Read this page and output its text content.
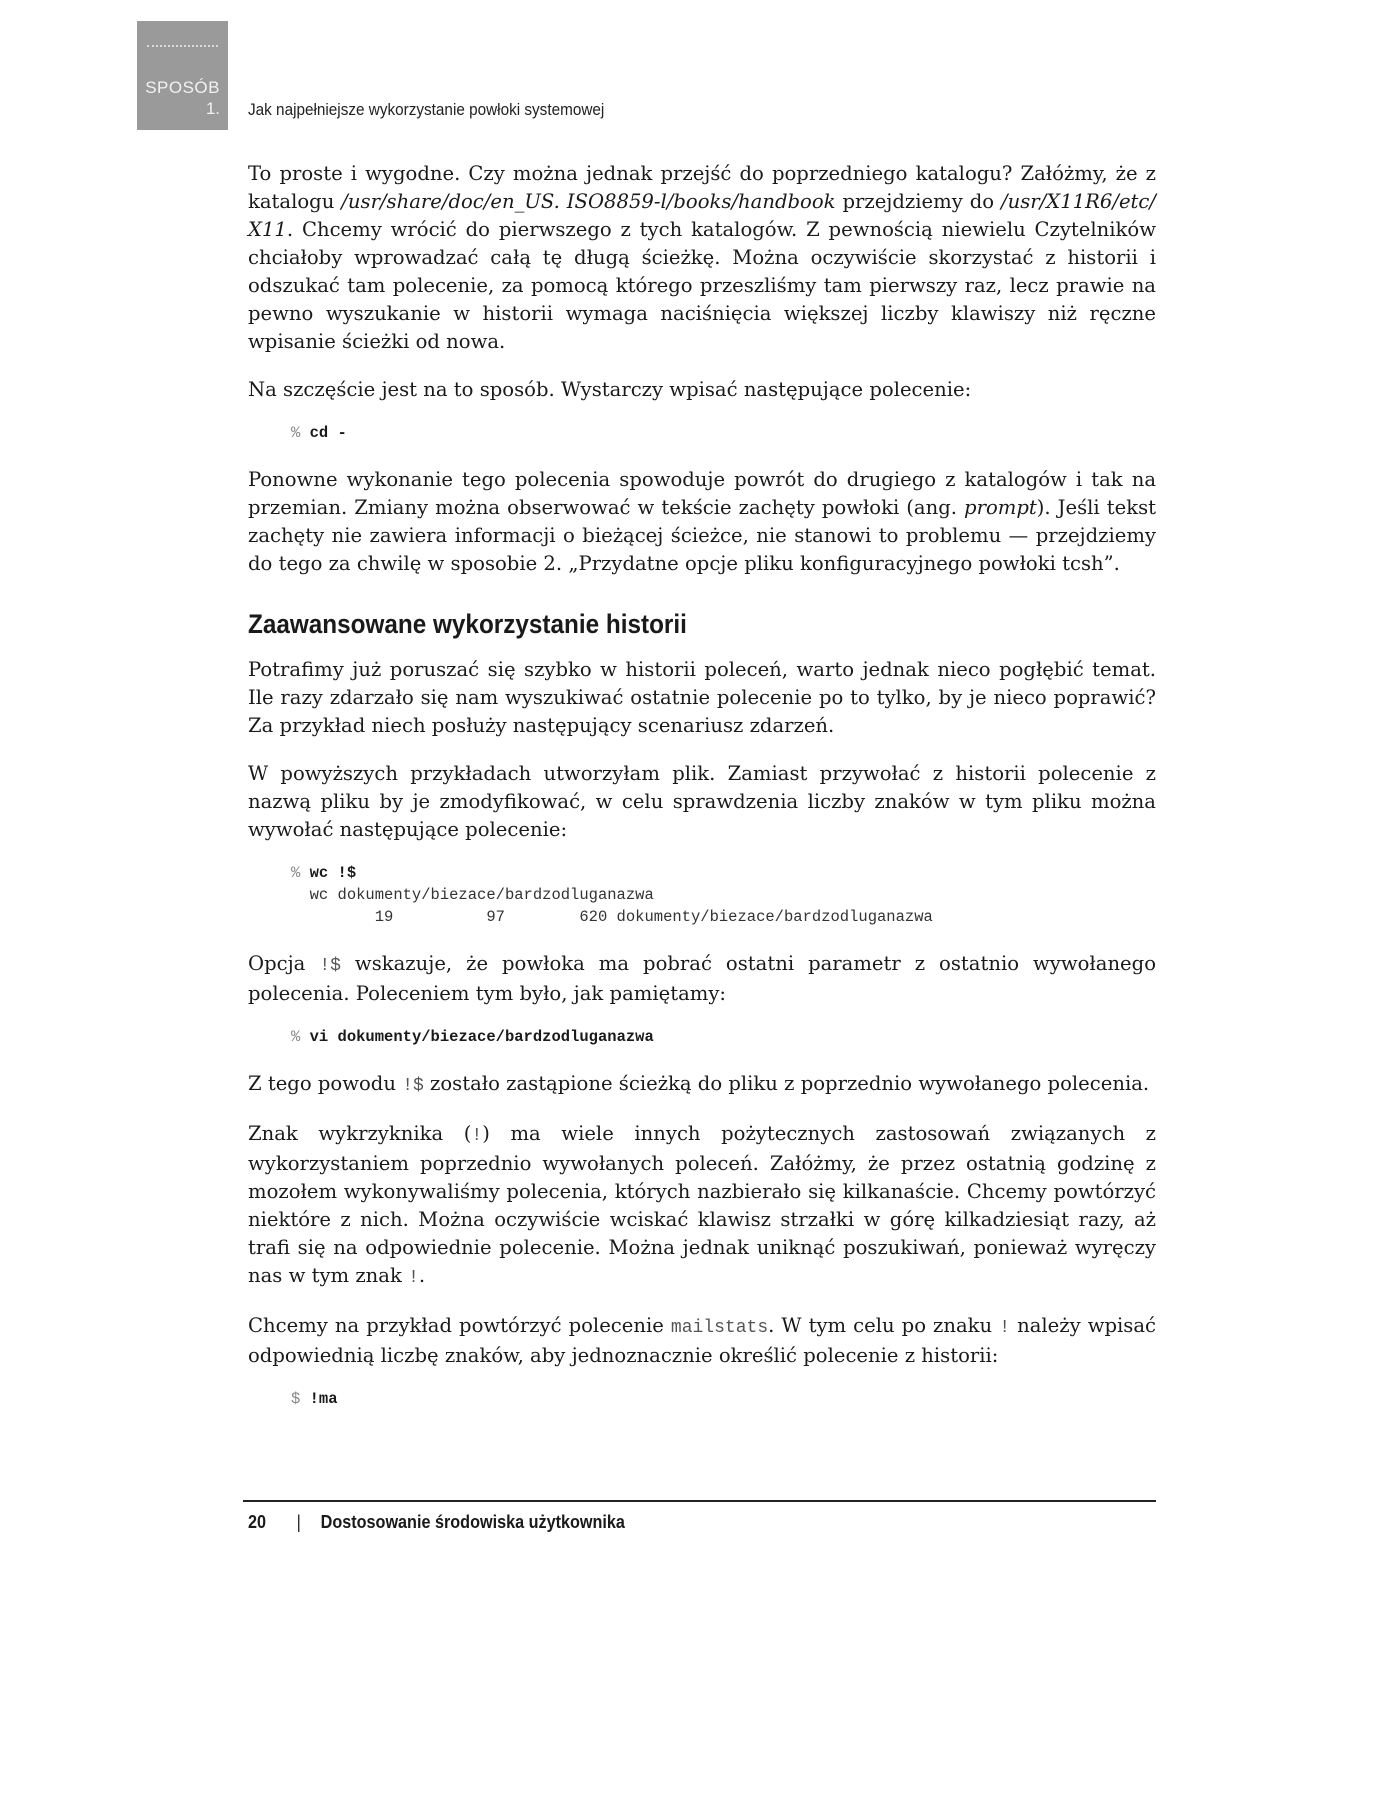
SPOSÓB
1. Jak najpełniejsze wykorzystanie powłoki systemowej

To proste i wygodne. Czy można jednak przejść do poprzedniego katalogu? Załóżmy, że z katalogu /usr/share/doc/en_US. ISO8859-l/books/handbook przejdziemy do /usr/X11R6/etc/ X11. Chcemy wrócić do pierwszego z tych katalogów. Z pewnością niewielu Czytelników chciałoby wprowadzać całą tę długą ścieżkę. Można oczywiście skorzystać z historii i odszukać tam polecenie, za pomocą którego przeszliśmy tam pierwszy raz, lecz prawie na pewno wyszukanie w historii wymaga naciśnięcia większej liczby klawiszy niż ręczne wpisanie ścieżki od nowa.

Na szczęście jest na to sposób. Wystarczy wpisać następujące polecenie:

% cd -

Ponowne wykonanie tego polecenia spowoduje powrót do drugiego z katalogów i tak na przemian. Zmiany można obserwować w tekście zachęty powłoki (ang. prompt). Jeśli tekst zachęty nie zawiera informacji o bieżącej ścieżce, nie stanowi to problemu — przejdziemy do tego za chwilę w sposobie 2. „Przydatne opcje pliku konfiguracyjnego powłoki tcsh”.

Zaawansowane wykorzystanie historii

Potrafimy już poruszać się szybko w historii poleceń, warto jednak nieco pogłębić temat. Ile razy zdarzało się nam wyszukiwać ostatnie polecenie po to tylko, by je nieco poprawić? Za przykład niech posłuży następujący scenariusz zdarzeń.

W powyższych przykładach utworzyłam plik. Zamiast przywołać z historii polecenie z nazwą pliku by je zmodyfikować, w celu sprawdzenia liczby znaków w tym pliku można wywołać następujące polecenie:

% wc !$
wc dokumenty/biezace/bardzodluganazwa
19          97        620 dokumenty/biezace/bardzodluganazwa

Opcja !$ wskazuje, że powłoka ma pobrać ostatni parametr z ostatnio wywołanego polecenia. Poleceniem tym było, jak pamiętamy:

% vi dokumenty/biezace/bardzodluganazwa

Z tego powodu !$ zostało zastąpione ścieżką do pliku z poprzednio wywołanego polecenia.

Znak wykrzyknika (!) ma wiele innych pożytecznych zastosowań związanych z wykorzystaniem poprzednio wywołanych poleceń. Załóżmy, że przez ostatnią godzinę z mozołem wykonywaliśmy polecenia, których nazbierało się kilkanaście. Chcemy powtórzyć niektóre z nich. Można oczywiście wciskać klawisz strzałki w górę kilkadziesiąt razy, aż trafi się na odpowiednie polecenie. Można jednak uniknąć poszukiwań, ponieważ wyręczy nas w tym znak !.

Chcemy na przykład powtórzyć polecenie mailstats. W tym celu po znaku ! należy wpisać odpowiednią liczbę znaków, aby jednoznacznie określić polecenie z historii:

$ !ma
20 | Dostosowanie środowiska użytkownika
